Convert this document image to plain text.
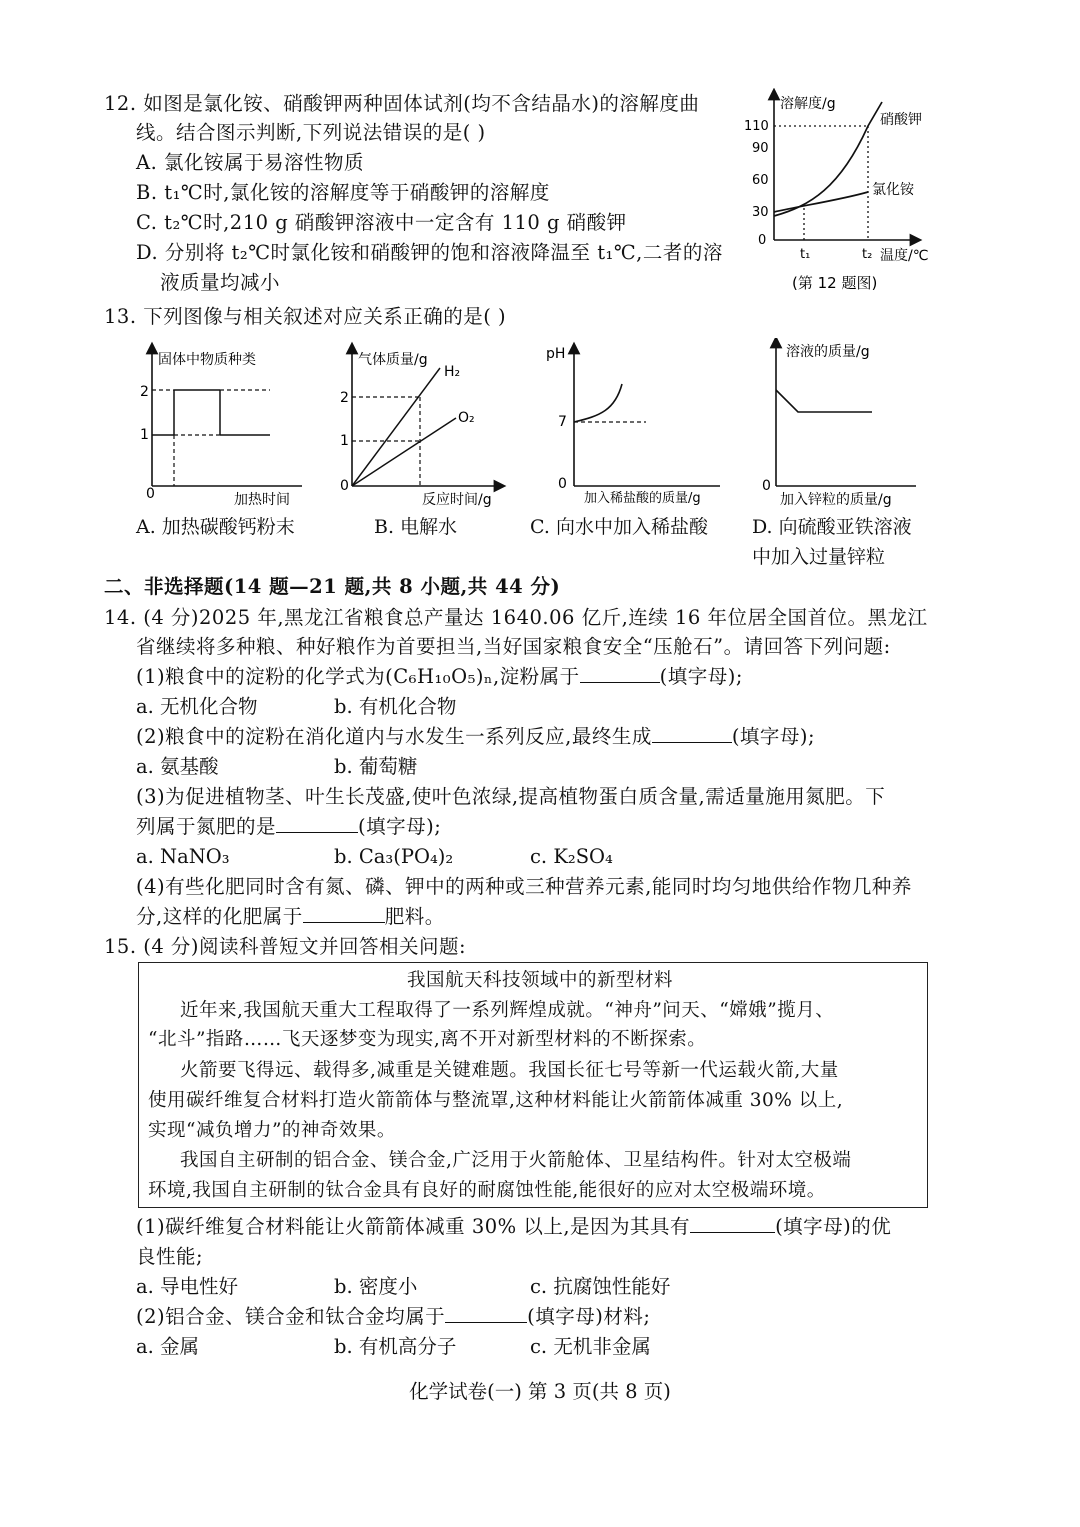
12. 如图是氯化铵、硝酸钾两种固体试剂(均不含结晶水)的溶解度曲
线。结合图示判断,下列说法错误的是( )
A. 氯化铵属于易溶性物质
B. t₁℃时,氯化铵的溶解度等于硝酸钾的溶解度
C. t₂℃时,210 g 硝酸钾溶液中一定含有 110 g 硝酸钾
D. 分别将 t₂℃时氯化铵和硝酸钾的饱和溶液降温至 t₁℃,二者的溶
液质量均减小
溶解度/g
110
90
60
30
0
硝酸钾
氯化铵
t₁	t₂ 温度/℃
(第 12 题图)
13. 下列图像与相关叙述对应关系正确的是( )
固体中物质种类
2
1
0	加热时间
A. 加热碳酸钙粉末
气体质量/g
2
1
0
H₂
O₂
反应时间/g
B. 电解水
pH
7
0
加入稀盐酸的质量/g
C. 向水中加入稀盐酸
溶液的质量/g
0
加入锌粒的质量/g
D. 向硫酸亚铁溶液
中加入过量锌粒
二、非选择题(14 题—21 题,共 8 小题,共 44 分)
14. (4 分)2025 年,黑龙江省粮食总产量达 1640.06 亿斤,连续 16 年位居全国首位。黑龙江
省继续将多种粮、种好粮作为首要担当,当好国家粮食安全“压舱石”。请回答下列问题:
(1)粮食中的淀粉的化学式为(C₆H₁₀O₅)ₙ,淀粉属于	(填字母);
a. 无机化合物	b. 有机化合物
(2)粮食中的淀粉在消化道内与水发生一系列反应,最终生成	(填字母);
a. 氨基酸	b. 葡萄糖
(3)为促进植物茎、叶生长茂盛,使叶色浓绿,提高植物蛋白质含量,需适量施用氮肥。下
列属于氮肥的是	(填字母);
a. NaNO₃	b. Ca₃(PO₄)₂	c. K₂SO₄
(4)有些化肥同时含有氮、磷、钾中的两种或三种营养元素,能同时均匀地供给作物几种养
分,这样的化肥属于	肥料。
15. (4 分)阅读科普短文并回答相关问题:
我国航天科技领域中的新型材料
近年来,我国航天重大工程取得了一系列辉煌成就。“神舟”问天、“嫦娥”揽月、
“北斗”指路……飞天逐梦变为现实,离不开对新型材料的不断探索。
火箭要飞得远、载得多,减重是关键难题。我国长征七号等新一代运载火箭,大量
使用碳纤维复合材料打造火箭箭体与整流罩,这种材料能让火箭箭体减重 30% 以上,
实现“减负增力”的神奇效果。
我国自主研制的铝合金、镁合金,广泛用于火箭舱体、卫星结构件。针对太空极端
环境,我国自主研制的钛合金具有良好的耐腐蚀性能,能很好的应对太空极端环境。
(1)碳纤维复合材料能让火箭箭体减重 30% 以上,是因为其具有	(填字母)的优
良性能;
a. 导电性好	b. 密度小	c. 抗腐蚀性能好
(2)铝合金、镁合金和钛合金均属于	(填字母)材料;
a. 金属	b. 有机高分子	c. 无机非金属
化学试卷(一) 第 3 页(共 8 页)
